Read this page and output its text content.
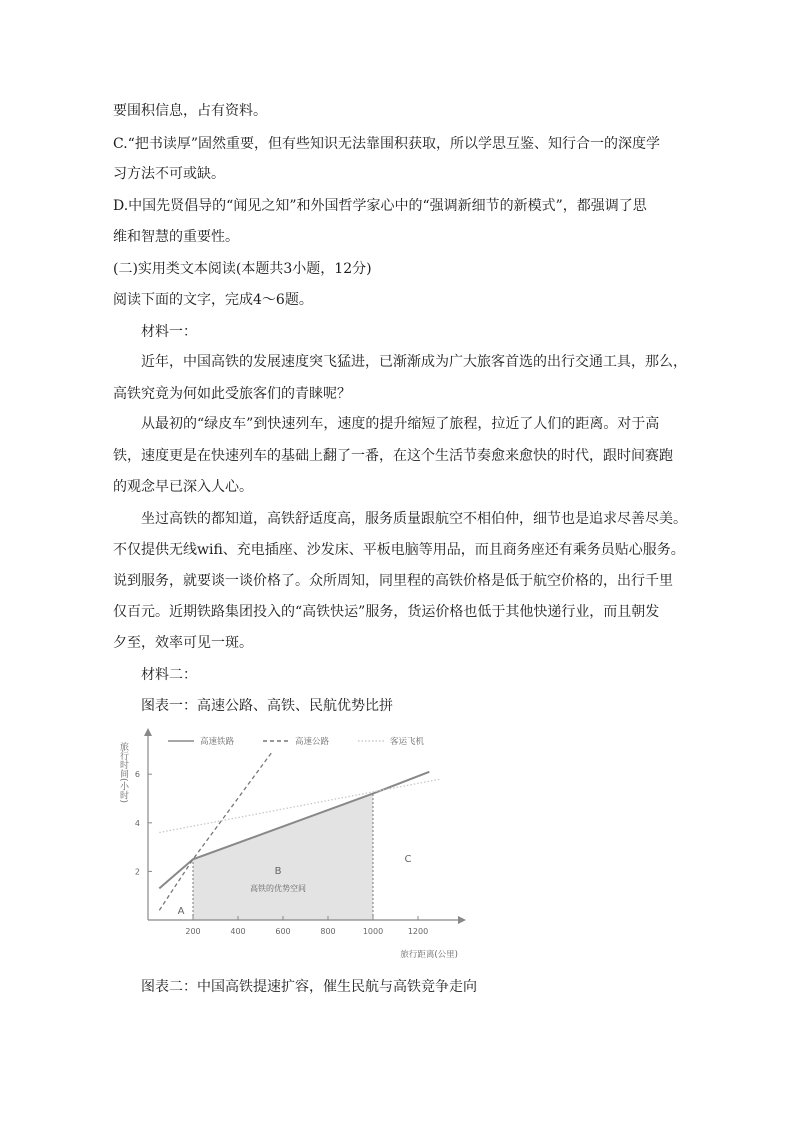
要围积信息，占有资料。
C.“把书读厚”固然重要，但有些知识无法靠围积获取，所以学思互鉴、知行合一的深度学
习方法不可或缺。
D.中国先贤倡导的“闻见之知”和外国哲学家心中的“强调新细节的新模式”，都强调了思
维和智慧的重要性。
(二)实用类文本阅读(本题共3小题，12分)
阅读下面的文字，完成4～6题。
材料一：
近年，中国高铁的发展速度突飞猛进，已渐渐成为广大旅客首选的出行交通工具，那么，
高铁究竟为何如此受旅客们的青睐呢？
从最初的“绿皮车”到快速列车，速度的提升缩短了旅程，拉近了人们的距离。对于高
铁，速度更是在快速列车的基础上翻了一番，在这个生活节奏愈来愈快的时代，跟时间赛跑
的观念早已深入人心。
坐过高铁的都知道，高铁舒适度高，服务质量跟航空不相伯仲，细节也是追求尽善尽美。
不仅提供无线wifi、充电插座、沙发床、平板电脑等用品，而且商务座还有乘务员贴心服务。
说到服务，就要谈一谈价格了。众所周知，同里程的高铁价格是低于航空价格的，出行千里
仅百元。近期铁路集团投入的“高铁快运”服务，货运价格也低于其他快递行业，而且朝发
夕至，效率可见一斑。
材料二：
图表一：高速公路、高铁、民航优势比拼
200	400	600	800	1000	1200
2
4
6
高速铁路	高速公路	客运飞机
A
B
C
高铁的优势空间
旅行时间(小时)
旅行距离(公里)
图表二：中国高铁提速扩容，催生民航与高铁竞争走向
